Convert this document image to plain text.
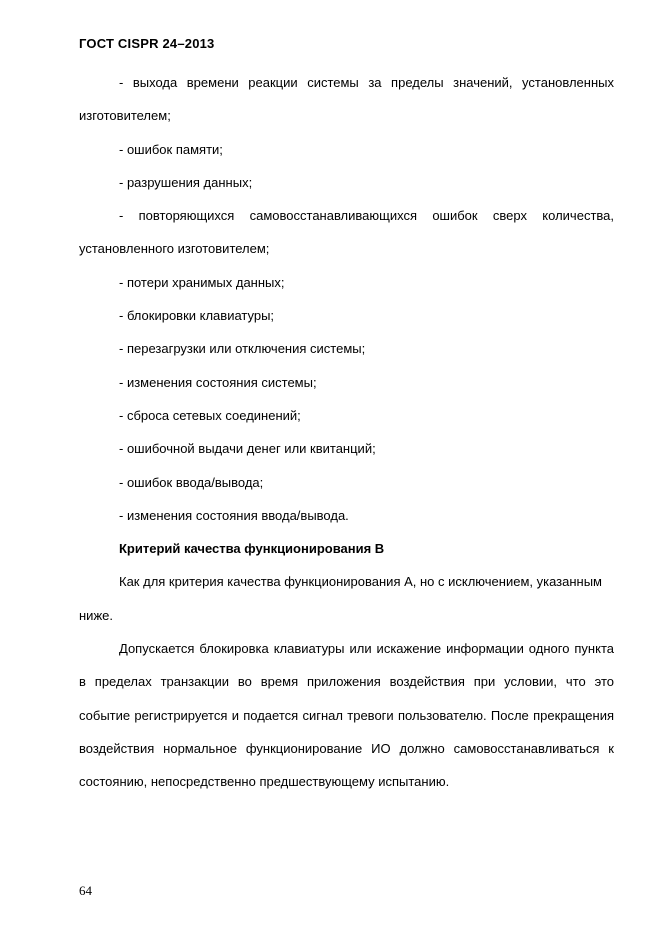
ГОСТ CISPR 24–2013

- выхода времени реакции системы за пределы значений, установленных изготовителем;

- ошибок памяти;

- разрушения данных;

- повторяющихся самовосстанавливающихся ошибок сверх количества, установленного изготовителем;

- потери хранимых данных;

- блокировки клавиатуры;

- перезагрузки или отключения системы;

- изменения состояния системы;

- сброса сетевых соединений;

- ошибочной выдачи денег или квитанций;

- ошибок ввода/вывода;

- изменения состояния ввода/вывода.

Критерий качества функционирования В

Как для критерия качества функционирования А, но с исключением, указанным ниже.

Допускается блокировка клавиатуры или искажение информации одного пункта в пределах транзакции во время приложения воздействия при условии, что это событие регистрируется и подается сигнал тревоги пользователю. После прекращения воздействия нормальное функционирование ИО должно самовосстанавливаться к состоянию, непосредственно предшествующему испытанию.

64
